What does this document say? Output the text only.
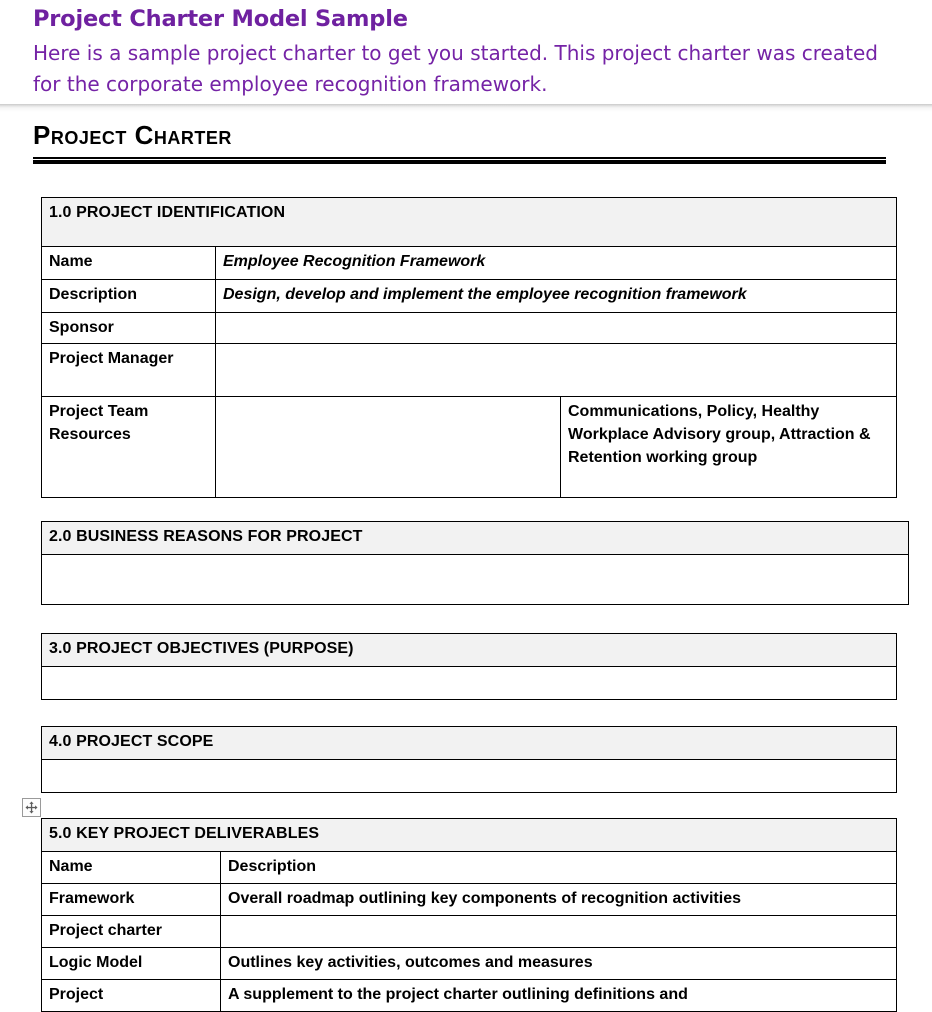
Project Charter Model Sample
Here is a sample project charter to get you started. This project charter was created for the corporate employee recognition framework.
Project Charter
1.0 PROJECT IDENTIFICATION		
Name	Employee Recognition Framework	
Description	Design, develop and implement the employee recognition framework	
Sponsor		
Project Manager		
Project Team Resources		Communications, Policy, Healthy Workplace Advisory group, Attraction & Retention working group
2.0 BUSINESS REASONS FOR PROJECT

3.0 PROJECT OBJECTIVES (PURPOSE)

4.0 PROJECT SCOPE

5.0 KEY PROJECT DELIVERABLES	
Name	Description
Framework	Overall roadmap outlining key components of recognition activities
Project charter	
Logic Model	Outlines key activities, outcomes and measures
Project	A supplement to the project charter outlining definitions and
